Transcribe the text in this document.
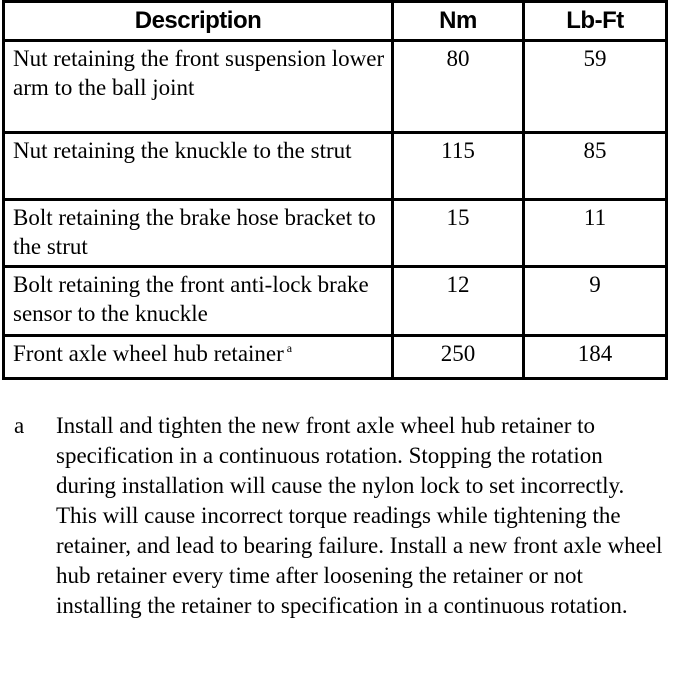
Description	Nm	Lb-Ft
Nut retaining the front suspension lower arm to the ball joint	80	59
Nut retaining the knuckle to the strut	115	85
Bolt retaining the brake hose bracket to the strut	15	11
Bolt retaining the front anti-lock brake sensor to the knuckle	12	9
Front axle wheel hub retainer $^a$	250	184
a	Install and tighten the new front axle wheel hub retainer to specification in a continuous rotation. Stopping the rotation during installation will cause the nylon lock to set incorrectly. This will cause incorrect torque readings while tightening the retainer, and lead to bearing failure. Install a new front axle wheel hub retainer every time after loosening the retainer or not installing the retainer to specification in a continuous rotation.
